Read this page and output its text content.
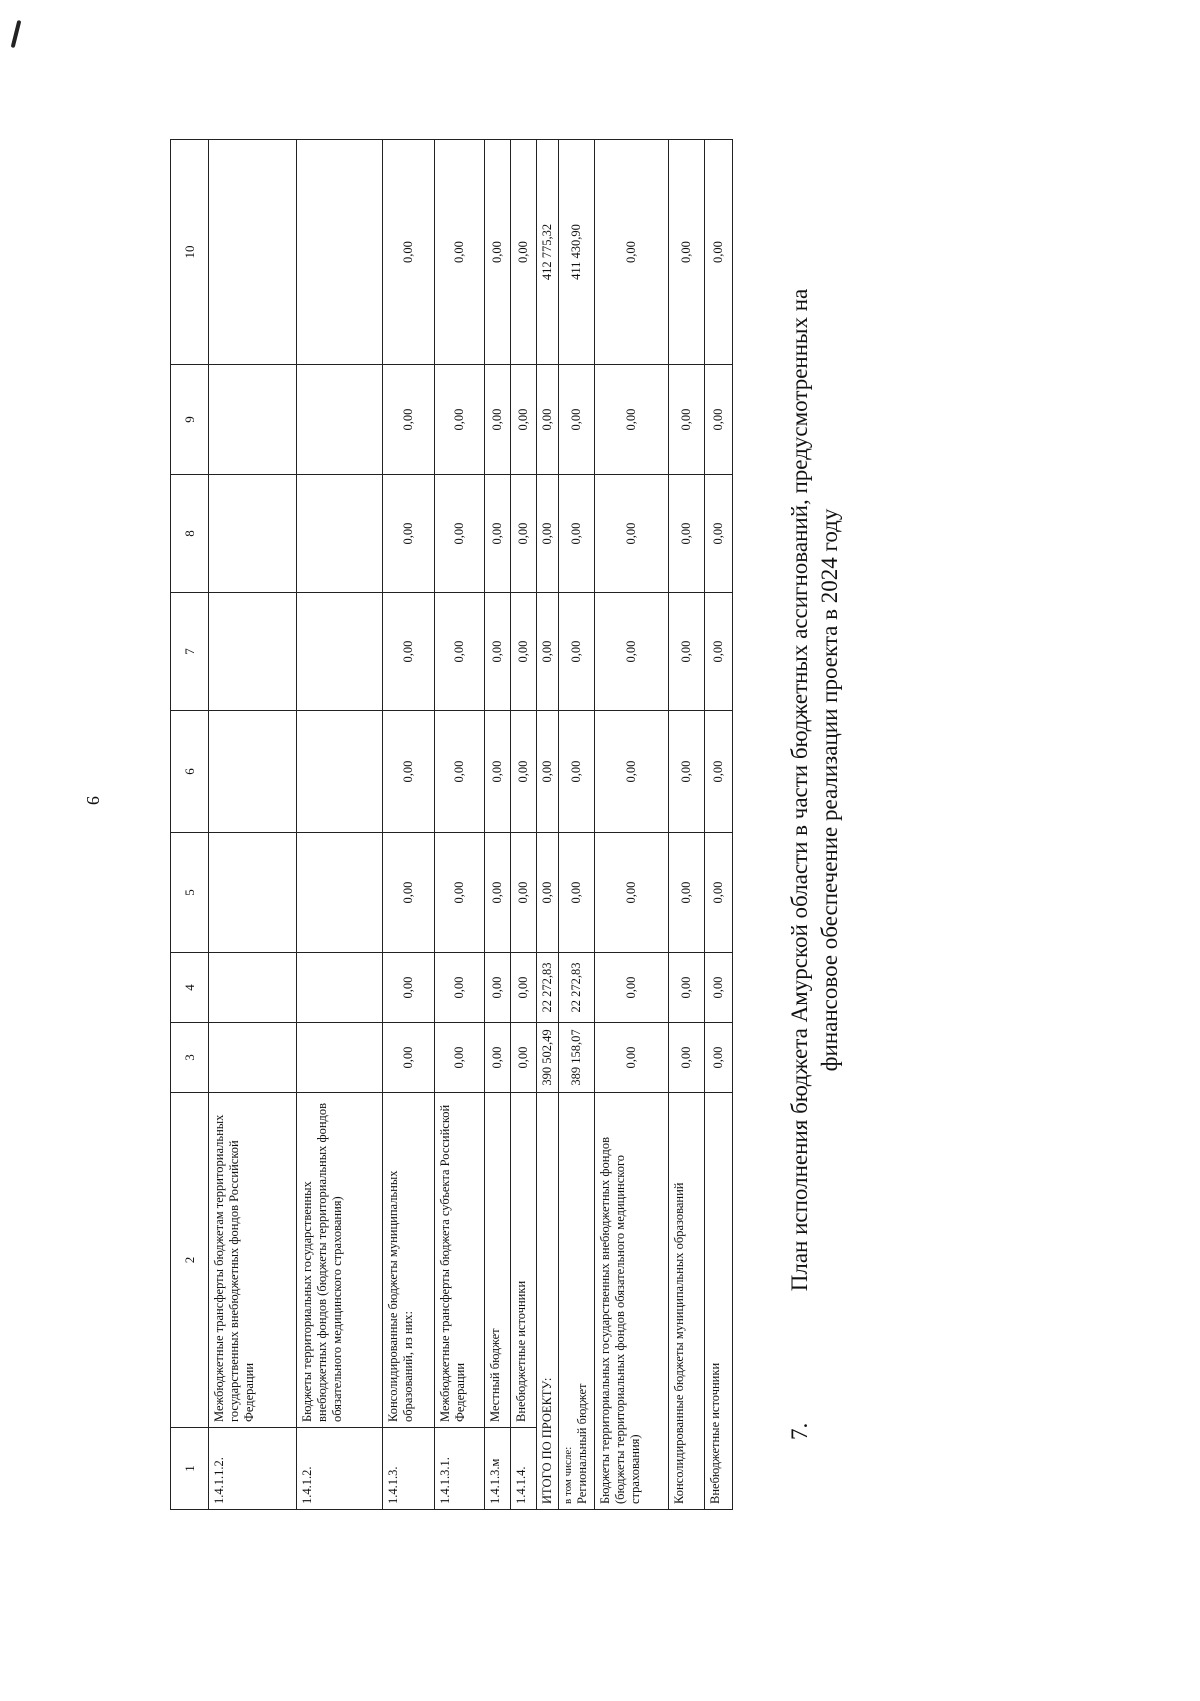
9
1	2	3	4	5	6	7	8	9	10
1.4.1.1.2.	Межбюджетные трансферты бюджетам территориальных государственных внебюджетных фондов Российской Федерации								
1.4.1.2.	Бюджеты территориальных государственных внебюджетных фондов (бюджеты территориальных фондов обязательного медицинского страхования)								
1.4.1.3.	Консолидированные бюджеты муниципальных образований, из них:	0,00	0,00	0,00	0,00	0,00	0,00	0,00	0,00
1.4.1.3.1.	Межбюджетные трансферты бюджета субъекта Российской Федерации	0,00	0,00	0,00	0,00	0,00	0,00	0,00	0,00
1.4.1.3.м	Местный бюджет	0,00	0,00	0,00	0,00	0,00	0,00	0,00	0,00
1.4.1.4.	Внебюджетные источники	0,00	0,00	0,00	0,00	0,00	0,00	0,00	0,00
ИТОГО ПО ПРОЕКТУ:		390 502,49	22 272,83	0,00	0,00	0,00	0,00	0,00	412 775,32

в том числе: Региональный бюджет		389 158,07	22 272,83	0,00	0,00	0,00	0,00	0,00	411 430,90

Бюджеты территориальных государственных внебюджетных фондов (бюджеты территориальных фондов обязательного медицинского страхования)		0,00	0,00	0,00	0,00	0,00	0,00	0,00	0,00

Консолидированные бюджеты муниципальных образований		0,00	0,00	0,00	0,00	0,00	0,00	0,00	0,00

Внебюджетные источники		0,00	0,00	0,00	0,00	0,00	0,00	0,00	0,00
7.
План исполнения бюджета Амурской области в части бюджетных ассигнований, предусмотренных на финансовое обеспечение реализации проекта в 2024 году
